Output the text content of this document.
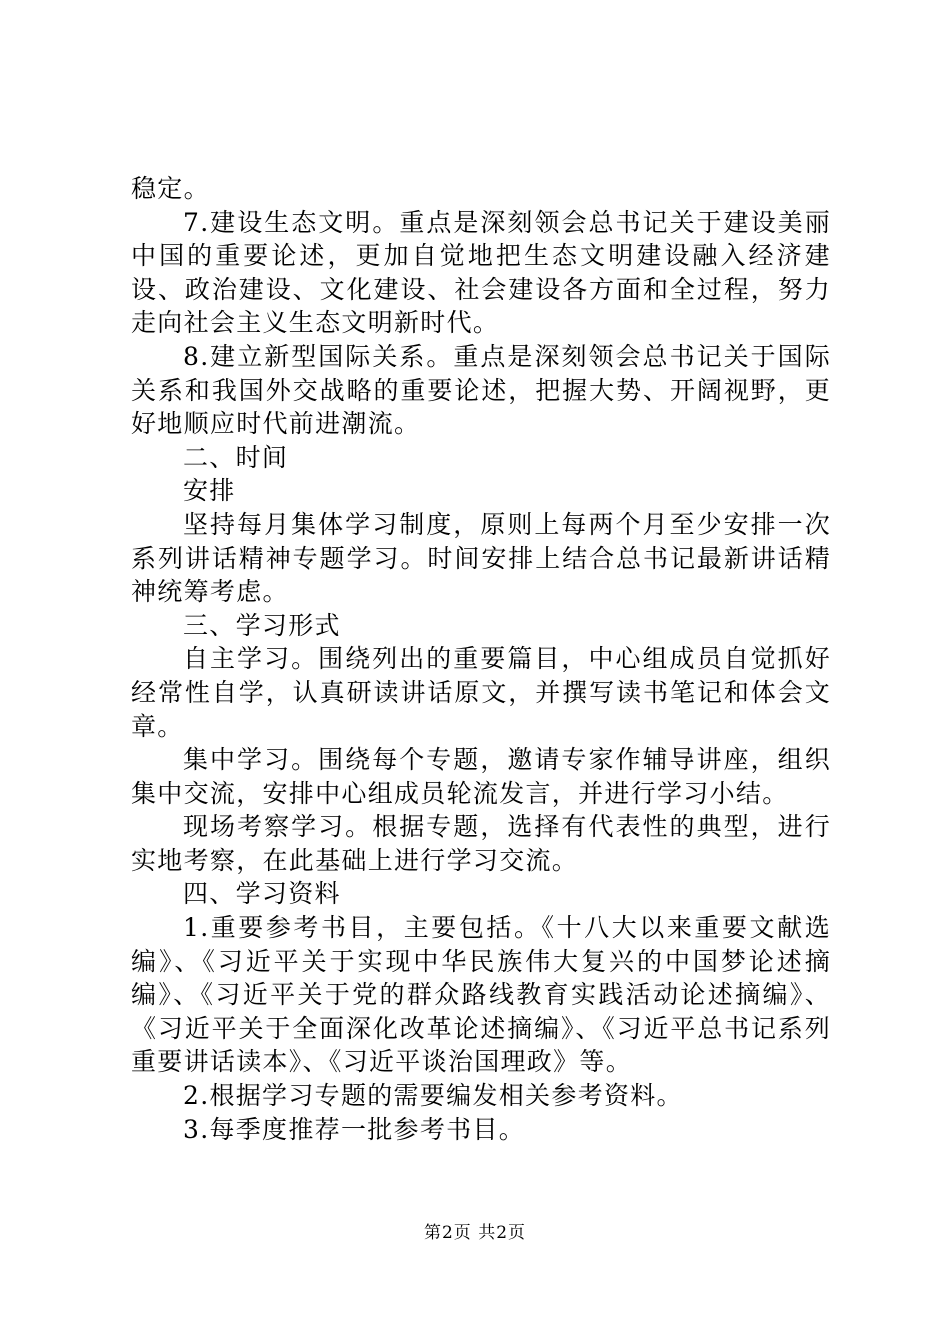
稳定。

7.建设生态文明。重点是深刻领会总书记关于建设美丽中国的重要论述，更加自觉地把生态文明建设融入经济建设、政治建设、文化建设、社会建设各方面和全过程，努力走向社会主义生态文明新时代。

8.建立新型国际关系。重点是深刻领会总书记关于国际关系和我国外交战略的重要论述，把握大势、开阔视野，更好地顺应时代前进潮流。

二、时间

安排

坚持每月集体学习制度，原则上每两个月至少安排一次系列讲话精神专题学习。时间安排上结合总书记最新讲话精神统筹考虑。

三、学习形式

自主学习。围绕列出的重要篇目，中心组成员自觉抓好经常性自学，认真研读讲话原文，并撰写读书笔记和体会文章。

集中学习。围绕每个专题，邀请专家作辅导讲座，组织集中交流，安排中心组成员轮流发言，并进行学习小结。

现场考察学习。根据专题，选择有代表性的典型，进行实地考察，在此基础上进行学习交流。

四、学习资料

1.重要参考书目，主要包括。《十八大以来重要文献选编》、《习近平关于实现中华民族伟大复兴的中国梦论述摘编》、《习近平关于党的群众路线教育实践活动论述摘编》、《习近平关于全面深化改革论述摘编》、《习近平总书记系列重要讲话读本》、《习近平谈治国理政》等。

2.根据学习专题的需要编发相关参考资料。

3.每季度推荐一批参考书目。

第2页 共2页
